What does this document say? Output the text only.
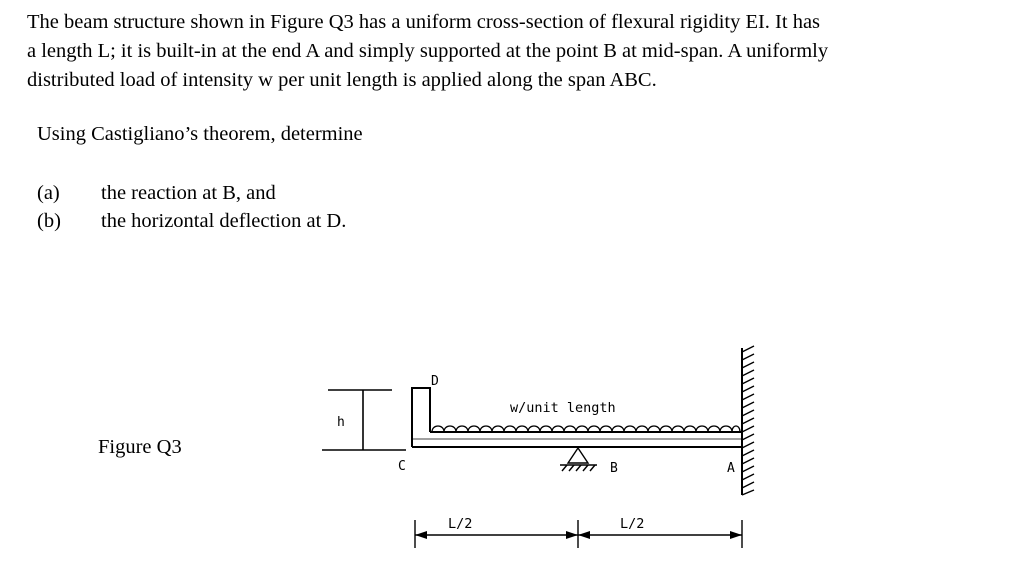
The beam structure shown in Figure Q3 has a uniform cross-section of flexural rigidity EI. It has
a length L; it is built-in at the end A and simply supported at the point B at mid-span. A uniformly
distributed load of intensity w per unit length is applied along the span ABC.
Using Castigliano’s theorem, determine
(a) the reaction at B, and
(b) the horizontal deflection at D.
Figure Q3
h
D
C
w/unit length
B	A
L/2	L/2
